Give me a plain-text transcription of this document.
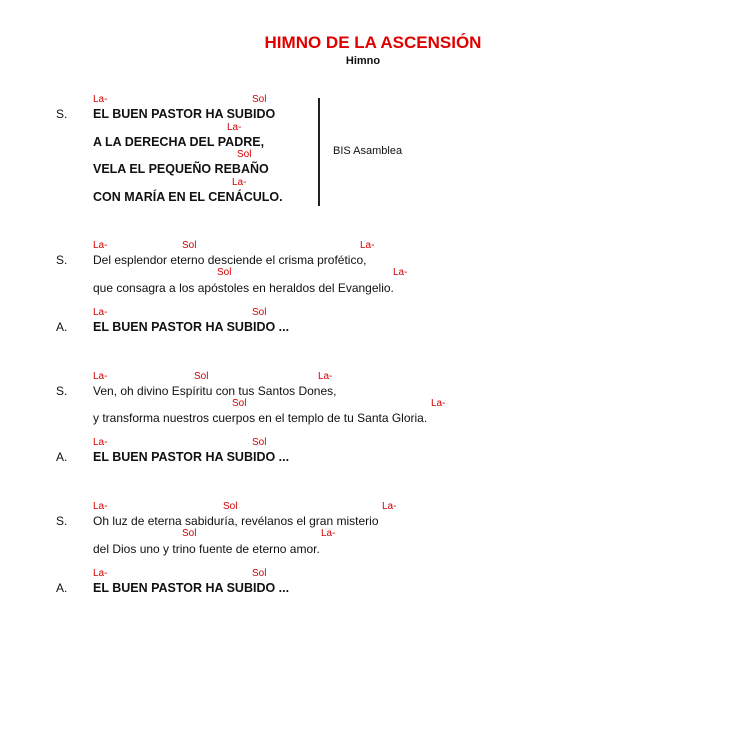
HIMNO DE LA ASCENSIÓN
Himno
La-	Sol
S. EL BUEN PASTOR HA SUBIDO
La-
A LA DERECHA DEL PADRE,
Sol
VELA EL PEQUEÑO REBAÑO
La-
CON MARÍA EN EL CENÁCULO.
BIS Asamblea
La-	Sol	La-
S. Del esplendor eterno desciende el crisma profético,
Sol	La-
que consagra a los apóstoles en heraldos del Evangelio.
La-	Sol
A. EL BUEN PASTOR HA SUBIDO ...
La-	Sol	La-
S. Ven, oh divino Espíritu con tus Santos Dones,
Sol	La-
y transforma nuestros cuerpos en el templo de tu Santa Gloria.
La-	Sol
A. EL BUEN PASTOR HA SUBIDO ...
La-	Sol	La-
S. Oh luz de eterna sabiduría, revélanos el gran misterio
Sol	La-
del Dios uno y trino fuente de eterno amor.
La-	Sol
A. EL BUEN PASTOR HA SUBIDO ...
